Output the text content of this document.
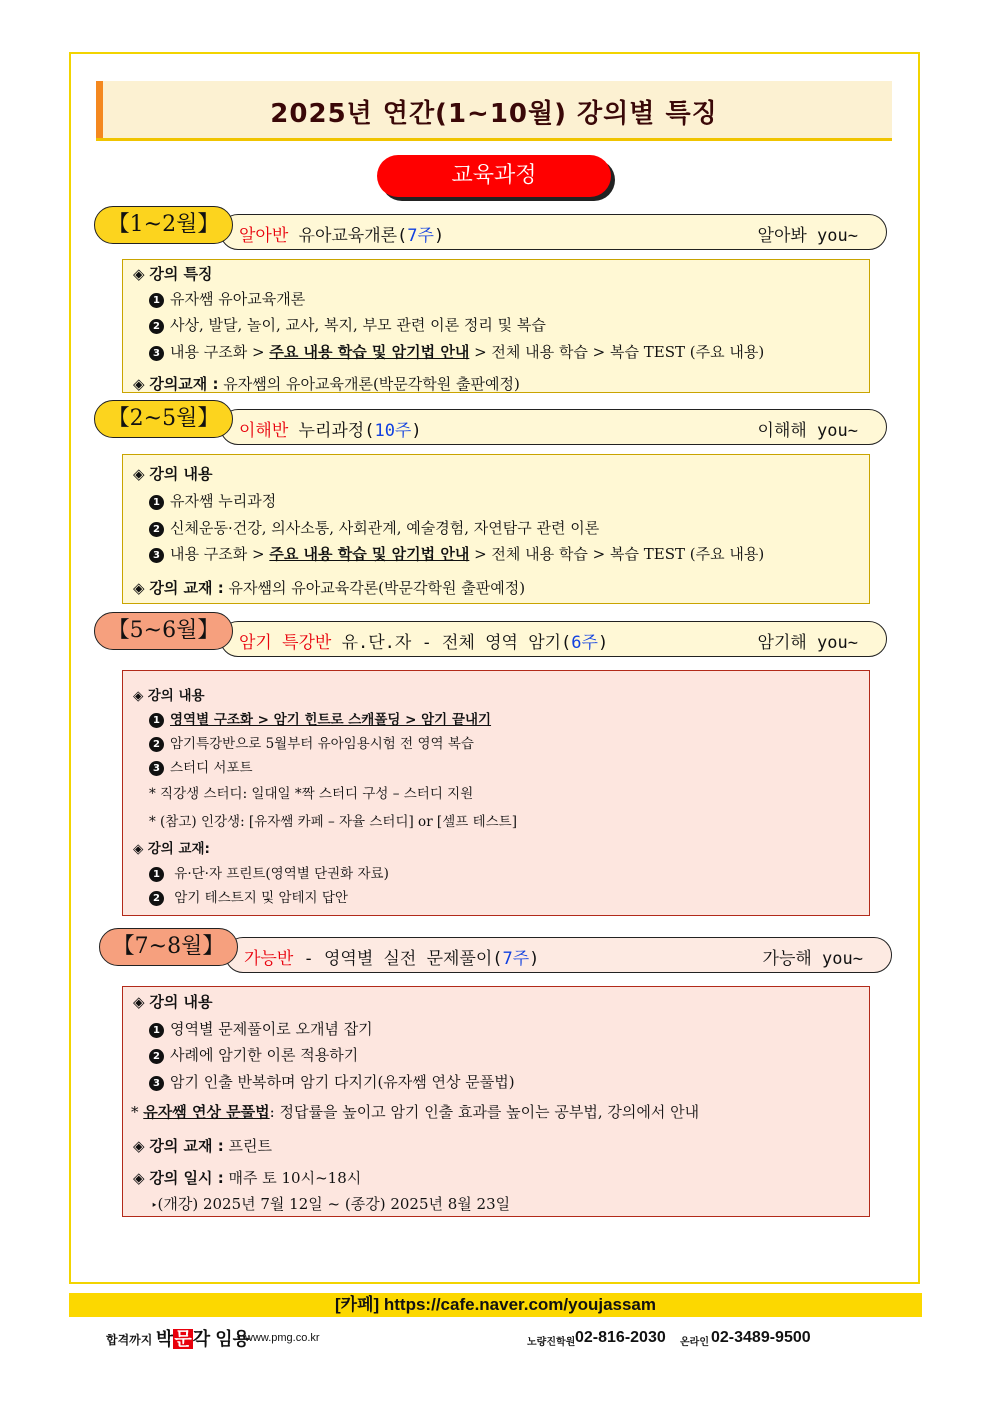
2025년 연간(1~10월) 강의별 특징
교육과정
알아반 유아교육개론(7주)	알아봐 you~
【1~2월】
◈ 강의 특징
1 유자쌤 유아교육개론
2 사상, 발달, 놀이, 교사, 복지, 부모 관련 이론 정리 및 복습
3 내용 구조화 > 주요 내용 학습 및 암기법 안내 > 전체 내용 학습 > 복습 TEST (주요 내용)
◈ 강의교재 : 유자쌤의 유아교육개론(박문각학원 출판예정)
이해반 누리과정(10주)	이해해 you~
【2~5월】
◈ 강의 내용
1 유자쌤 누리과정
2 신체운동·건강, 의사소통, 사회관계, 예술경험, 자연탐구 관련 이론
3 내용 구조화 > 주요 내용 학습 및 암기법 안내 > 전체 내용 학습 > 복습 TEST (주요 내용)
◈ 강의 교재 : 유자쌤의 유아교육각론(박문각학원 출판예정)
암기 특강반 유.단.자 - 전체 영역 암기(6주)	암기해 you~
【5~6월】
◈ 강의 내용
1 영역별 구조화 > 암기 힌트로 스캐폴딩 > 암기 끝내기
2 암기특강반으로 5월부터 유아임용시험 전 영역 복습
3 스터디 서포트
* 직강생 스터디: 일대일 *짝 스터디 구성 – 스터디 지원
* (참고) 인강생: [유자쌤 카페 – 자율 스터디] or [셀프 테스트]
◈ 강의 교재:
1 유·단·자 프린트(영역별 단권화 자료)
2 암기 테스트지 및 암테지 답안
가능반 - 영역별 실전 문제풀이(7주)	가능해 you~
【7~8월】
◈ 강의 내용
1 영역별 문제풀이로 오개념 잡기
2 사례에 암기한 이론 적용하기
3 암기 인출 반복하며 암기 다지기(유자쌤 연상 문풀법)
* 유자쌤 연상 문풀법: 정답률을 높이고 암기 인출 효과를 높이는 공부법, 강의에서 안내
◈ 강의 교재 : 프린트
◈ 강의 일시 : 매주 토 10시~18시
‣(개강) 2025년 7월 12일 ~ (종강) 2025년 8월 23일
[카페] https://cafe.naver.com/youjassam
합격까지 박문각 임용
www.pmg.co.kr	노량진학원 02-816-2030 온라인 02-3489-9500
